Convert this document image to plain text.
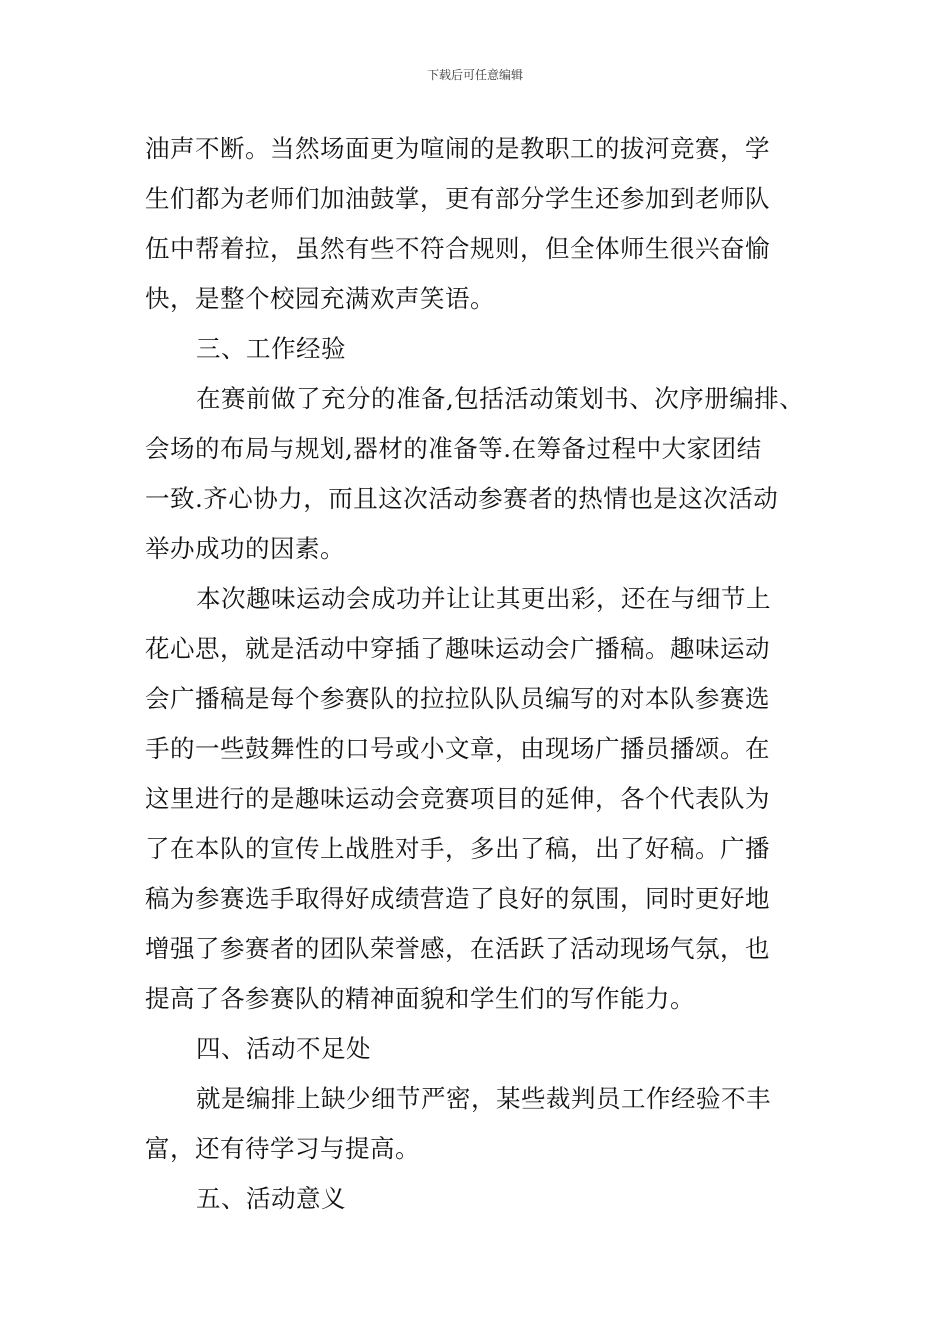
下载后可任意编辑
油声不断。当然场面更为喧闹的是教职工的拔河竞赛，学
生们都为老师们加油鼓掌，更有部分学生还参加到老师队
伍中帮着拉，虽然有些不符合规则，但全体师生很兴奋愉
快，是整个校园充满欢声笑语。
三、工作经验
在赛前做了充分的准备,包括活动策划书、次序册编排、
会场的布局与规划,器材的准备等.在筹备过程中大家团结
一致.齐心协力，而且这次活动参赛者的热情也是这次活动
举办成功的因素。
本次趣味运动会成功并让让其更出彩，还在与细节上
花心思，就是活动中穿插了趣味运动会广播稿。趣味运动
会广播稿是每个参赛队的拉拉队队员编写的对本队参赛选
手的一些鼓舞性的口号或小文章，由现场广播员播颂。在
这里进行的是趣味运动会竞赛项目的延伸，各个代表队为
了在本队的宣传上战胜对手，多出了稿，出了好稿。广播
稿为参赛选手取得好成绩营造了良好的氛围，同时更好地
增强了参赛者的团队荣誉感，在活跃了活动现场气氛，也
提高了各参赛队的精神面貌和学生们的写作能力。
四、活动不足处
就是编排上缺少细节严密，某些裁判员工作经验不丰
富，还有待学习与提高。
五、活动意义
